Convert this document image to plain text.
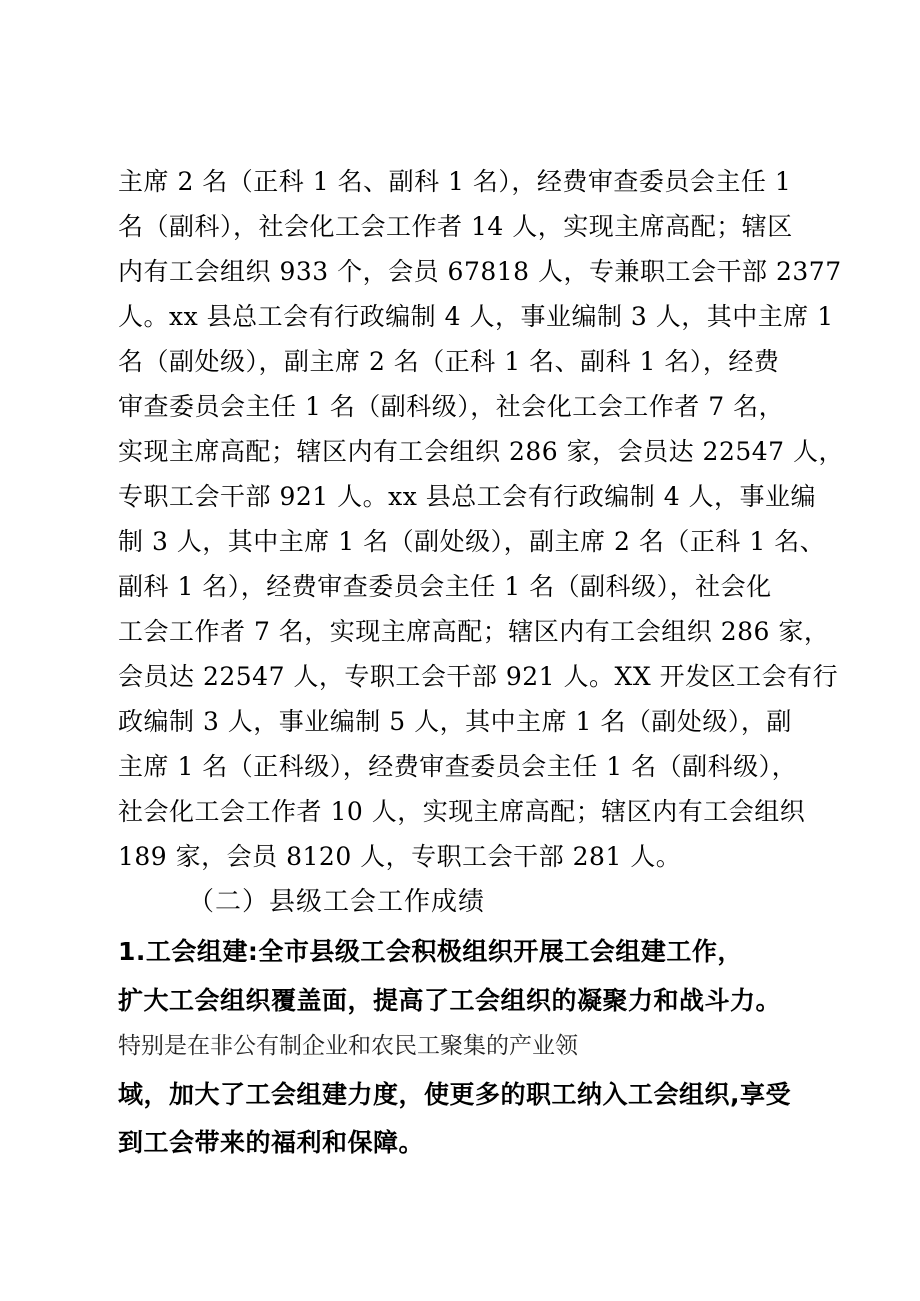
主席 2 名（正科 1 名、副科 1 名），经费审查委员会主任 1
名（副科），社会化工会工作者 14 人，实现主席高配；辖区
内有工会组织 933 个，会员 67818 人，专兼职工会干部 2377
人。xx 县总工会有行政编制 4 人，事业编制 3 人，其中主席 1
名（副处级），副主席 2 名（正科 1 名、副科 1 名），经费
审查委员会主任 1 名（副科级），社会化工会工作者 7 名，
实现主席高配；辖区内有工会组织 286 家，会员达 22547 人，
专职工会干部 921 人。xx 县总工会有行政编制 4 人，事业编
制 3 人，其中主席 1 名（副处级），副主席 2 名（正科 1 名、
副科 1 名），经费审查委员会主任 1 名（副科级），社会化
工会工作者 7 名，实现主席高配；辖区内有工会组织 286 家，
会员达 22547 人，专职工会干部 921 人。XX 开发区工会有行
政编制 3 人，事业编制 5 人，其中主席 1 名（副处级），副
主席 1 名（正科级），经费审查委员会主任 1 名（副科级），
社会化工会工作者 10 人，实现主席高配；辖区内有工会组织
189 家，会员 8120 人，专职工会干部 281 人。
（二）县级工会工作成绩
1.工会组建:全市县级工会积极组织开展工会组建工作，
扩大工会组织覆盖面，提高了工会组织的凝聚力和战斗力。
特别是在非公有制企业和农民工聚集的产业领
域，加大了工会组建力度，使更多的职工纳入工会组织,享受
到工会带来的福利和保障。
